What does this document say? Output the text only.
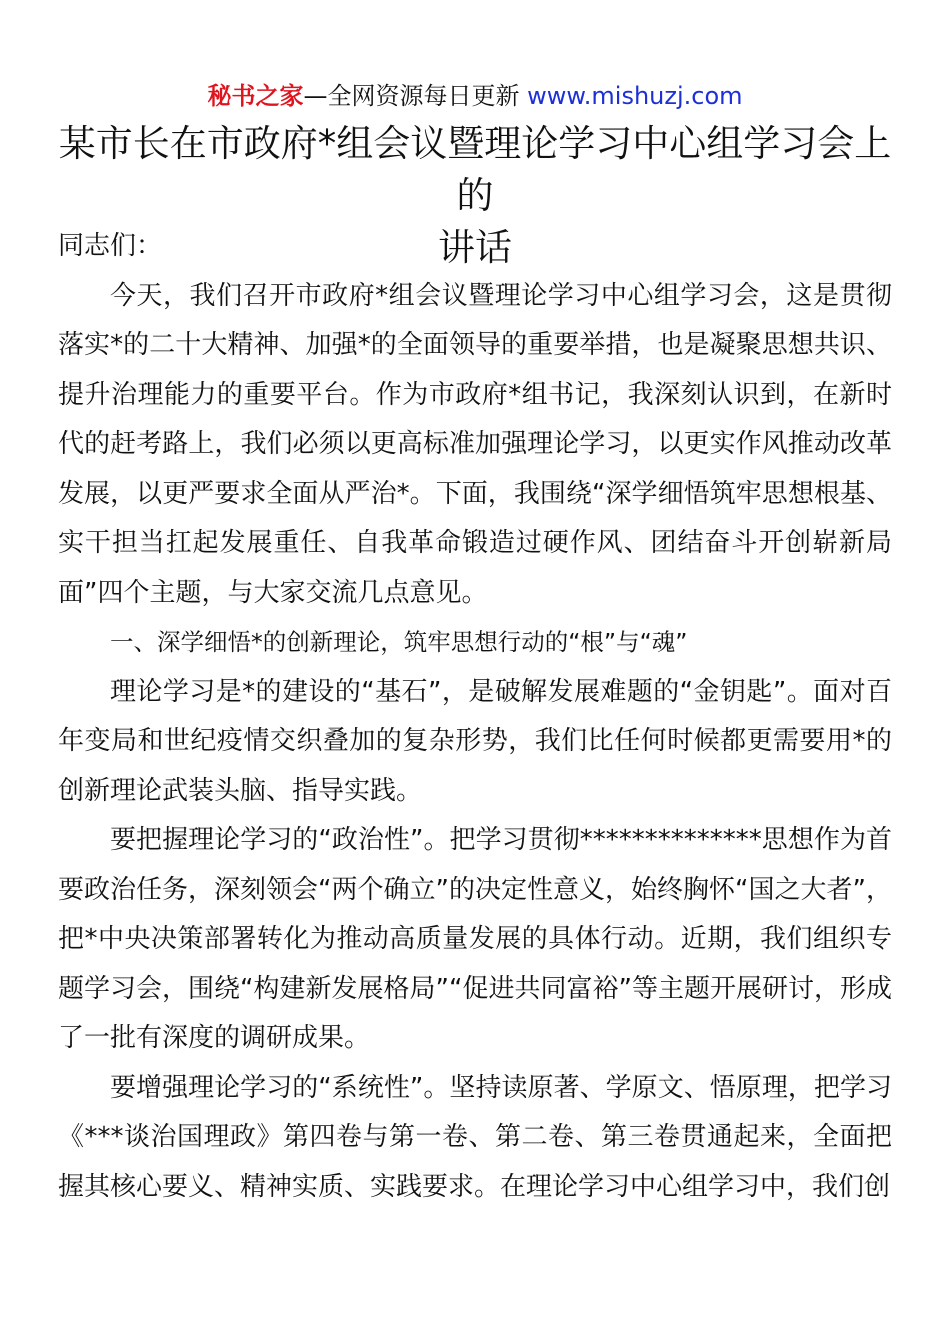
秘书之家—全网资源每日更新 www.mishuzj.com
某市长在市政府*组会议暨理论学习中心组学习会上的
讲话

同志们：

今天，我们召开市政府*组会议暨理论学习中心组学习会，这是贯彻落实*的二十大精神、加强*的全面领导的重要举措，也是凝聚思想共识、提升治理能力的重要平台。作为市政府*组书记，我深刻认识到，在新时代的赶考路上，我们必须以更高标准加强理论学习，以更实作风推动改革发展，以更严要求全面从严治*。下面，我围绕“深学细悟筑牢思想根基、实干担当扛起发展重任、自我革命锻造过硬作风、团结奋斗开创崭新局面”四个主题，与大家交流几点意见。

一、深学细悟*的创新理论，筑牢思想行动的“根”与“魂”

理论学习是*的建设的“基石”，是破解发展难题的“金钥匙”。面对百年变局和世纪疫情交织叠加的复杂形势，我们比任何时候都更需要用*的创新理论武装头脑、指导实践。

要把握理论学习的“政治性”。把学习贯彻**************思想作为首要政治任务，深刻领会“两个确立”的决定性意义，始终胸怀“国之大者”，把*中央决策部署转化为推动高质量发展的具体行动。近期，我们组织专题学习会，围绕“构建新发展格局”“促进共同富裕”等主题开展研讨，形成了一批有深度的调研成果。

要增强理论学习的“系统性”。坚持读原著、学原文、悟原理，把学习《***谈治国理政》第四卷与第一卷、第二卷、第三卷贯通起来，全面把握其核心要义、精神实质、实践要求。在理论学习中心组学习中，我们创
